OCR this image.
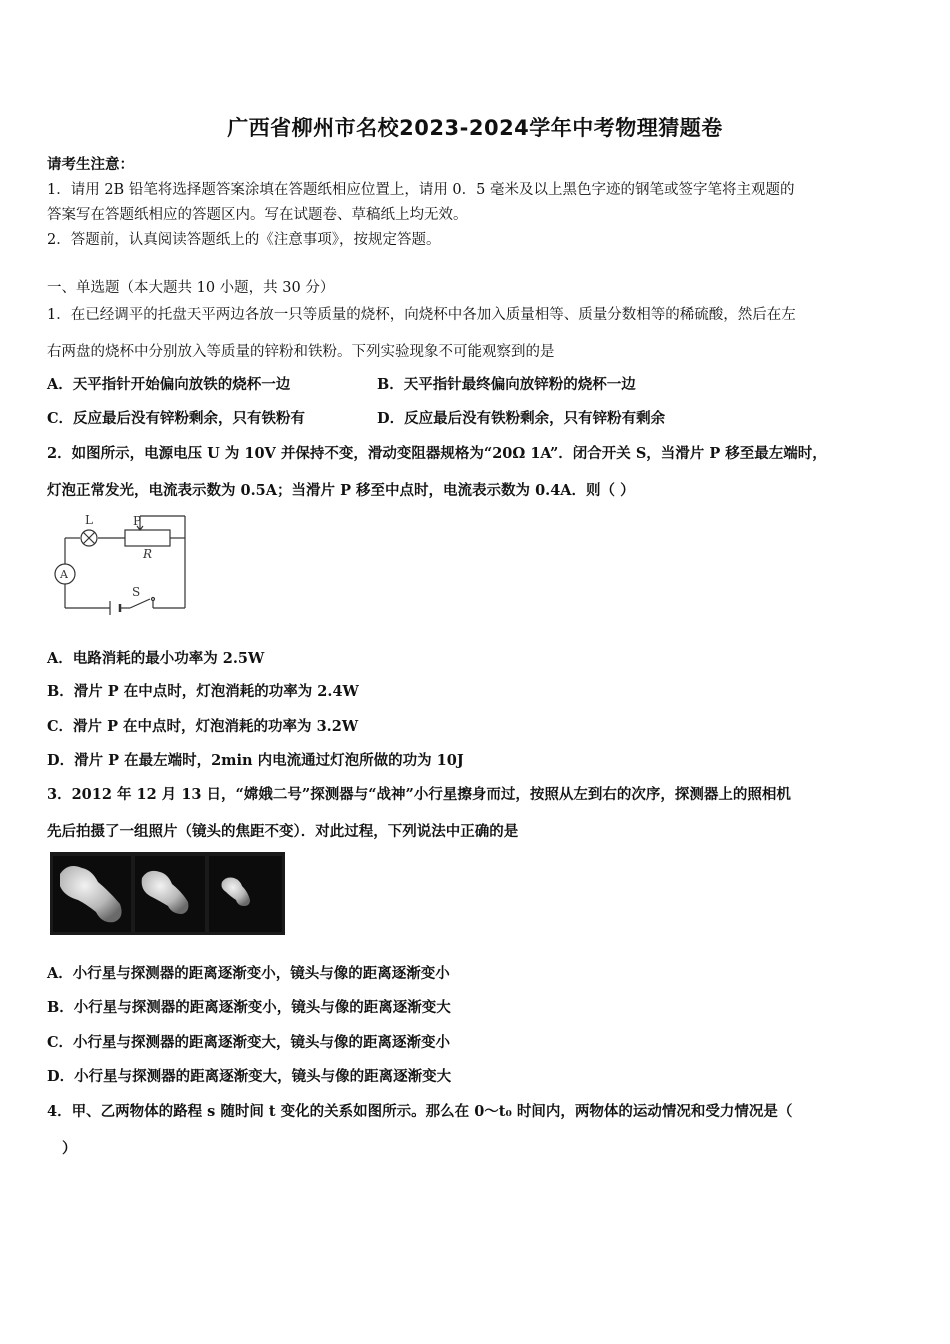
广西省柳州市名校2023-2024学年中考物理猜题卷
请考生注意：
1．请用 2B 铅笔将选择题答案涂填在答题纸相应位置上，请用 0．5 毫米及以上黑色字迹的钢笔或签字笔将主观题的
答案写在答题纸相应的答题区内。写在试题卷、草稿纸上均无效。
2．答题前，认真阅读答题纸上的《注意事项》，按规定答题。
一、单选题（本大题共 10 小题，共 30 分）
1．在已经调平的托盘天平两边各放一只等质量的烧杯，向烧杯中各加入质量相等、质量分数相等的稀硫酸，然后在左
右两盘的烧杯中分别放入等质量的锌粉和铁粉。下列实验现象不可能观察到的是
A．天平指针开始偏向放铁的烧杯一边	B．天平指针最终偏向放锌粉的烧杯一边
C．反应最后没有锌粉剩余，只有铁粉有	D．反应最后没有铁粉剩余，只有锌粉有剩余
2．如图所示，电源电压 U 为 10V 并保持不变，滑动变阻器规格为“20Ω 1A”．闭合开关 S，当滑片 P 移至最左端时，
灯泡正常发光，电流表示数为 0.5A；当滑片 P 移至中点时，电流表示数为 0.4A．则（ ）
L	P
R
A
S
A．电路消耗的最小功率为 2.5W
B．滑片 P 在中点时，灯泡消耗的功率为 2.4W
C．滑片 P 在中点时，灯泡消耗的功率为 3.2W
D．滑片 P 在最左端时，2min 内电流通过灯泡所做的功为 10J
3．2012 年 12 月 13 日，“嫦娥二号”探测器与“战神”小行星擦身而过，按照从左到右的次序，探测器上的照相机
先后拍摄了一组照片（镜头的焦距不变）．对此过程，下列说法中正确的是
A．小行星与探测器的距离逐渐变小，镜头与像的距离逐渐变小
B．小行星与探测器的距离逐渐变小，镜头与像的距离逐渐变大
C．小行星与探测器的距离逐渐变大，镜头与像的距离逐渐变小
D．小行星与探测器的距离逐渐变大，镜头与像的距离逐渐变大
4．甲、乙两物体的路程 s 随时间 t 变化的关系如图所示。那么在 0～t₀ 时间内，两物体的运动情况和受力情况是（
）
